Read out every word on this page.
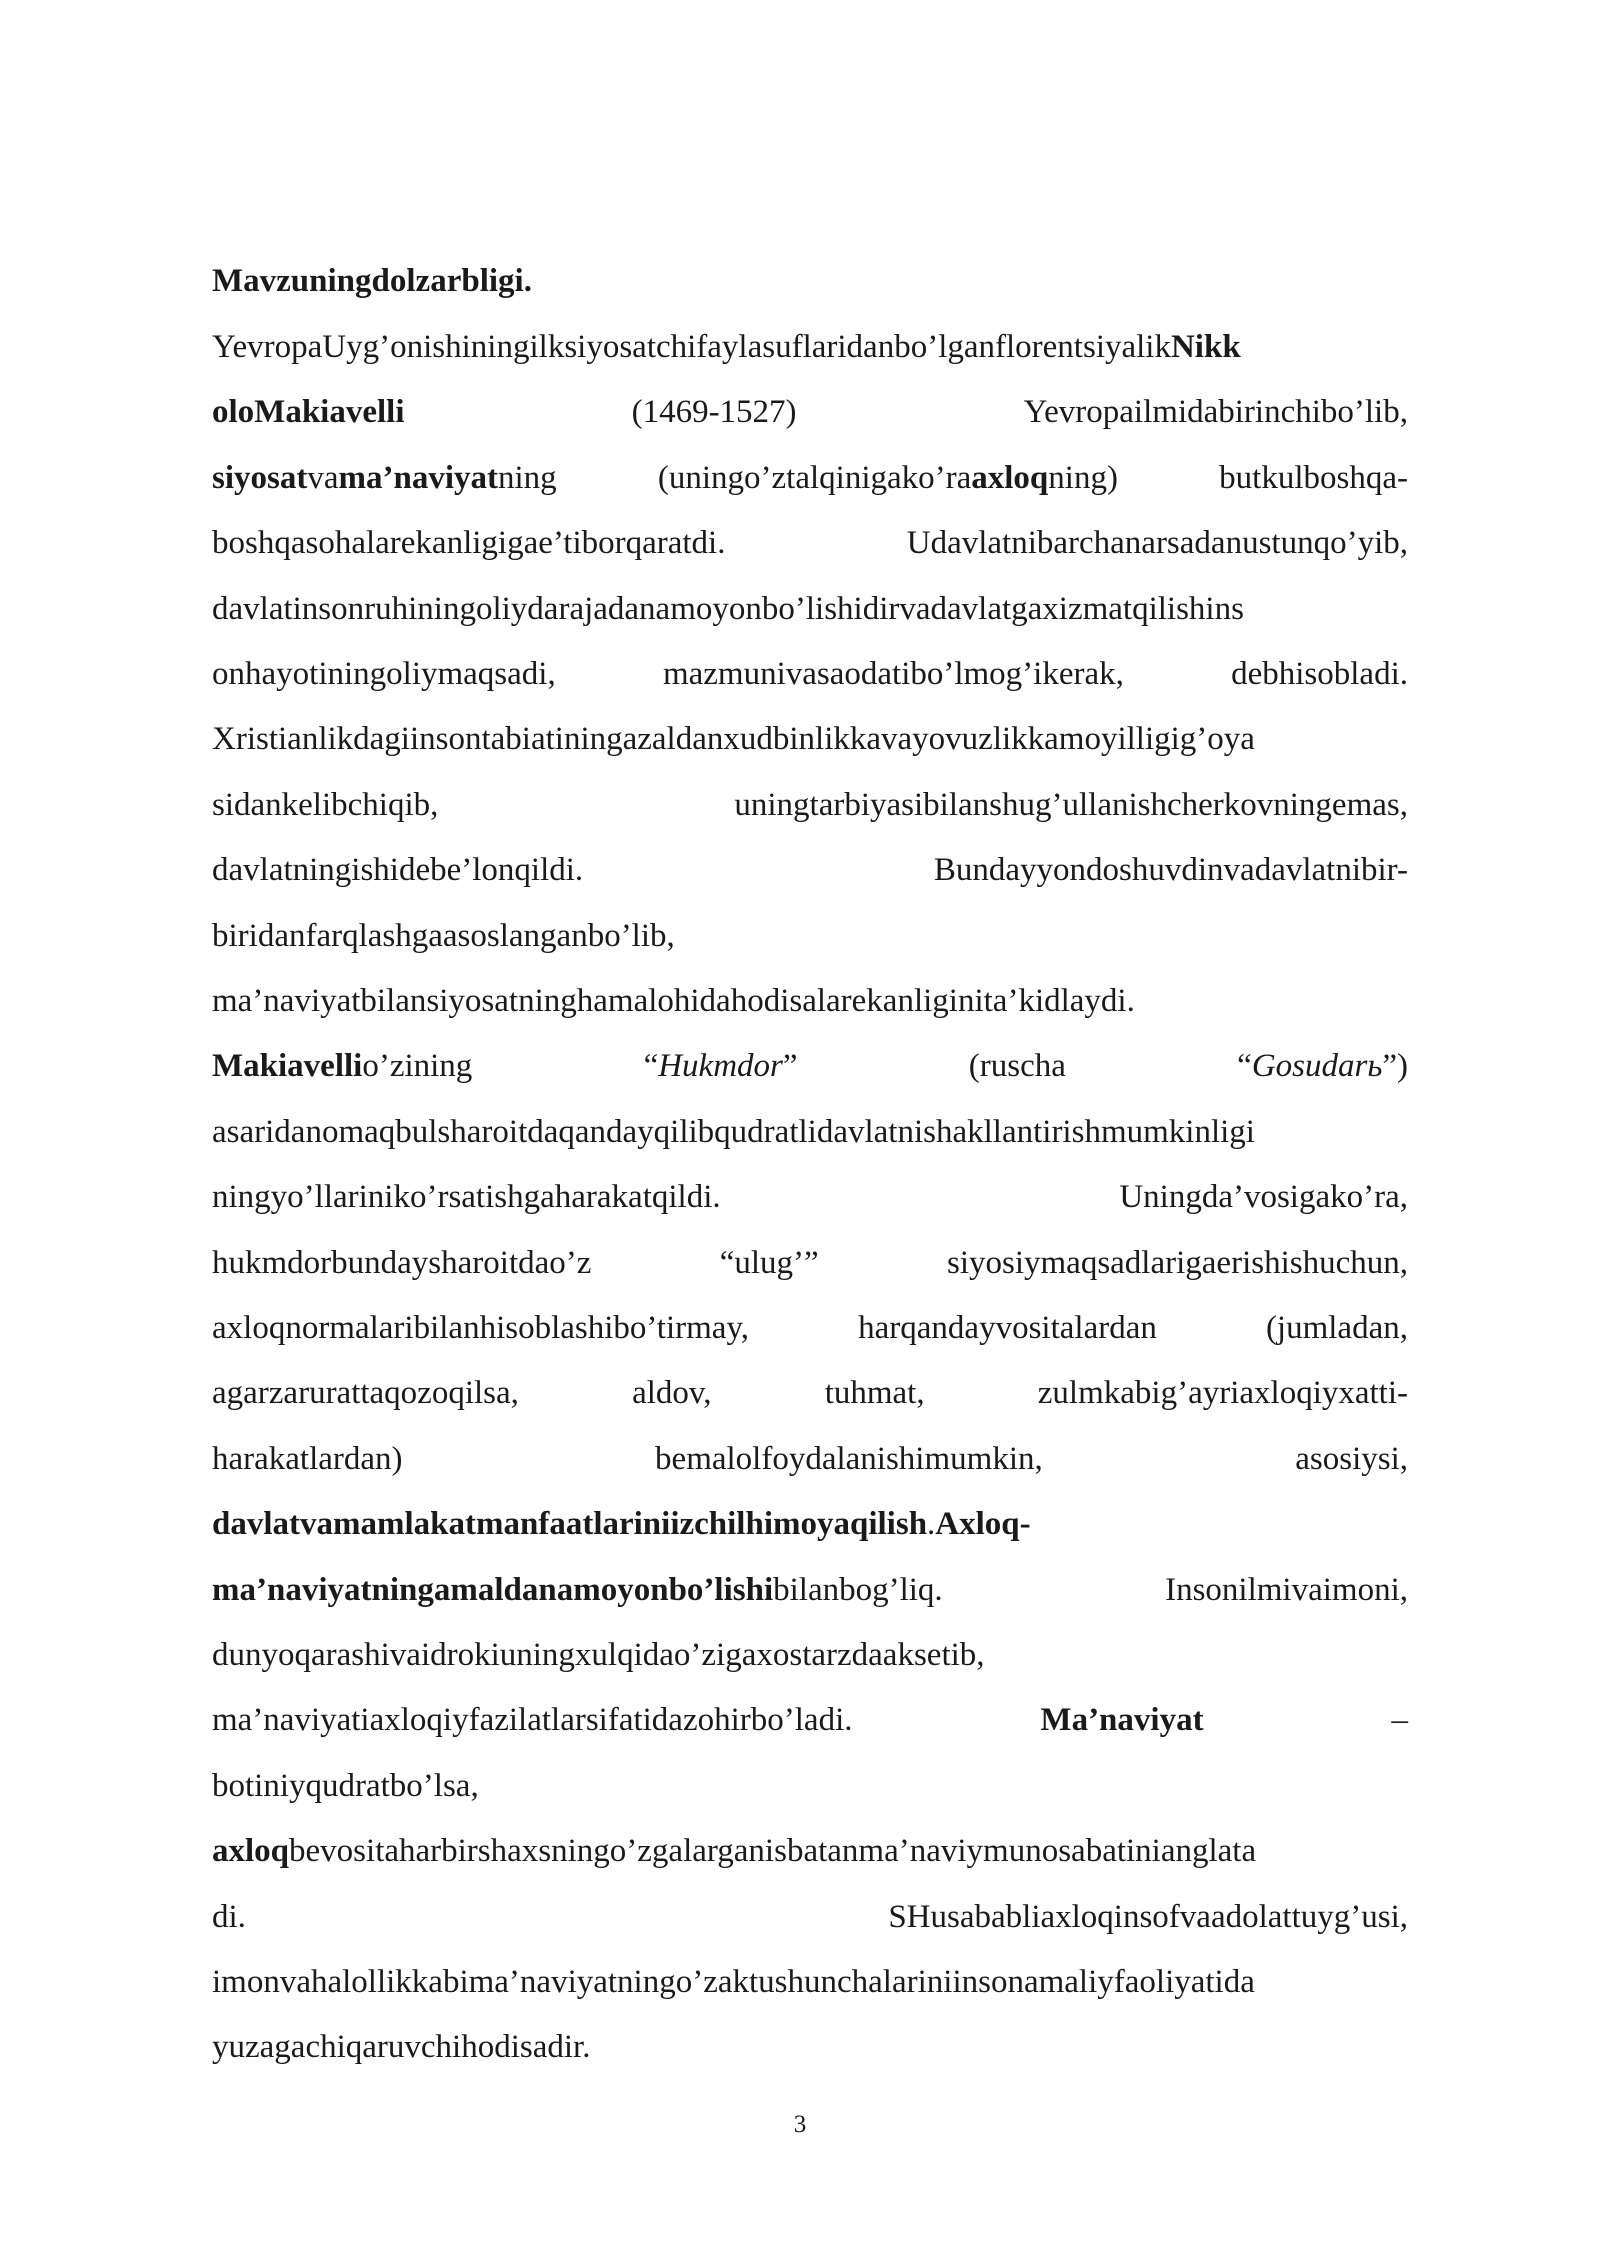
Mavzuningdolzarbligi.
YevropaUyg’onishiningilksiyosatchifaylasuflaridanbo’lganflorentsiyalikNikk
oloMakiavelli	(1469-1527)	Yevropailmidabirinchibo’lib,
siyosatvama’naviyatning	(uningo’ztalqinigako’raaxloqning)	butkulboshqa-
boshqasohalarekanligigae’tiborqaratdi.	Udavlatnibarchanarsadanustunqo’yib,
davlatinsonruhiningoliydarajadanamoyonbo’lishidirvadavlatgaxizmatqilishins
onhayotiningoliymaqsadi,	mazmunivasaodatibo’lmog’ikerak,	debhisobladi.
Xristianlikdagiinsontabiatiningazaldanxudbinlikkavayovuzlikkamoyilligig’oya
sidankelibchiqib,	uningtarbiyasibilanshug’ullanishcherkovningemas,
davlatningishidebe’lonqildi.	Bundayyondoshuvdinvadavlatnibir-
biridanfarqlashgaasoslanganbo’lib,
ma’naviyatbilansiyosatninghamalohidahodisalarekanliginita’kidlaydi.
Makiavellio’zining	“Hukmdor”	(ruscha	“Gosudarь”)
asaridanomaqbulsharoitdaqandayqilibqudratlidavlatnishakllantirishmumkinligi
ningyo’llariniko’rsatishgaharakatqildi.	Uningda’vosigako’ra,
hukmdorbundaysharoitdao’z	“ulug’”	siyosiymaqsadlarigaerishishuchun,
axloqnormalaribilanhisoblashibo’tirmay,	harqandayvositalardan	(jumladan,
agarzarurattaqozoqilsa,	aldov,	tuhmat,	zulmkabig’ayriaxloqiyxatti-
harakatlardan)	bemalolfoydalanishimumkin,	asosiysi,
davlatvamamlakatmanfaatlariniizchilhimoyaqilish.Axloq-
ma’naviyatningamaldanamoyonbo’lishibilanbog’liq.	Insonilmivaimoni,
dunyoqarashivaidrokiuningxulqidao’zigaxostarzdaaksetib,
ma’naviyatiaxloqiyfazilatlarsifatidazohirbo’ladi.	Ma’naviyat	–
botiniyqudratbo’lsa,
axloqbevositaharbirshaxsningo’zgalarganisbatanma’naviymunosabatinianglata
di.	SHusababliaxloqinsofvaadolattuyg’usi,
imonvahalollikkabima’naviyatningo’zaktushunchalariniinsonamaliyfaoliyatida
yuzagachiqaruvchihodisadir.
3
